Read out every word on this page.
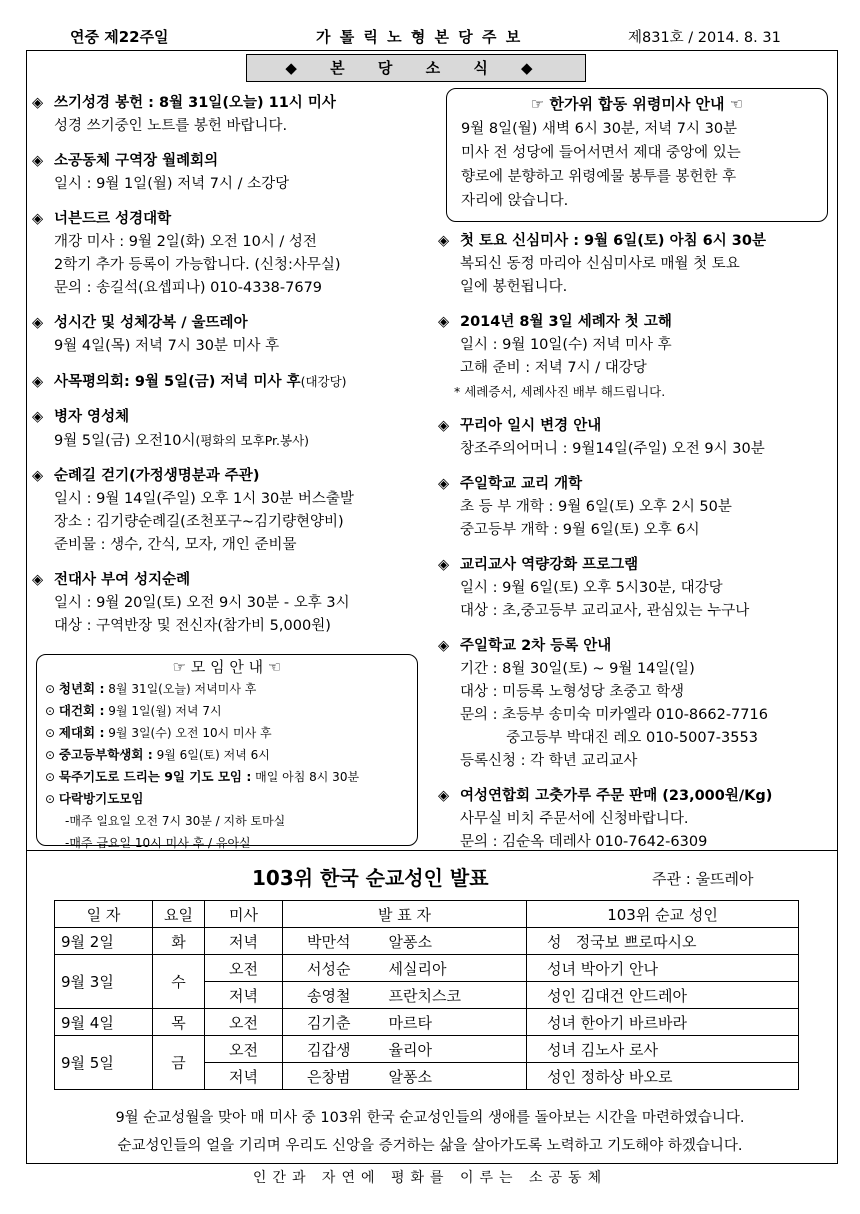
연중 제22주일	가 톨 릭 노 형 본 당 주 보	제831호 / 2014. 8. 31
◆ 본 당 소 식 ◆
◈ 쓰기성경 봉헌 : 8월 31일(오늘) 11시 미사
성경 쓰기중인 노트를 봉헌 바랍니다.
◈ 소공동체 구역장 월례회의
일시 : 9월 1일(월) 저녁 7시 / 소강당
◈ 너븐드르 성경대학
개강 미사 : 9월 2일(화) 오전 10시 / 성전
2학기 추가 등록이 가능합니다. (신청:사무실)
문의 : 송길석(요셉피나) 010-4338-7679
◈ 성시간 및 성체강복 / 울뜨레아
9월 4일(목) 저녁 7시 30분 미사 후
◈ 사목평의회: 9월 5일(금) 저녁 미사 후(대강당)
◈ 병자 영성체
9월 5일(금) 오전10시(평화의 모후Pr.봉사)
◈ 순례길 걷기(가정생명분과 주관)
일시 : 9월 14일(주일) 오후 1시 30분 버스출발
장소 : 김기량순례길(조천포구~김기량현양비)
준비물 : 생수, 간식, 모자, 개인 준비물
◈ 전대사 부여 성지순례
일시 : 9월 20일(토) 오전 9시 30분 - 오후 3시
대상 : 구역반장 및 전신자(참가비 5,000원)
☞ 모 임 안 내 ☜
⊙ 청년회 : 8월 31일(오늘) 저녁미사 후
⊙ 대건회 : 9월 1일(월) 저녁 7시
⊙ 제대회 : 9월 3일(수) 오전 10시 미사 후
⊙ 중고등부학생회 : 9월 6일(토) 저녁 6시
⊙ 묵주기도로 드리는 9일 기도 모임 : 매일 아침 8시 30분
⊙ 다락방기도모임
-매주 일요일 오전 7시 30분 / 지하 토마실
-매주 금요일 10시 미사 후 / 유아실
☞ 한가위 합동 위령미사 안내 ☜
9월 8일(월) 새벽 6시 30분, 저녁 7시 30분
미사 전 성당에 들어서면서 제대 중앙에 있는
향로에 분향하고 위령예물 봉투를 봉헌한 후
자리에 앉습니다.
◈ 첫 토요 신심미사 : 9월 6일(토) 아침 6시 30분
복되신 동정 마리아 신심미사로 매월 첫 토요
일에 봉헌됩니다.
◈ 2014년 8월 3일 세례자 첫 고해
일시 : 9월 10일(수) 저녁 미사 후
고해 준비 : 저녁 7시 / 대강당
* 세례증서, 세례사진 배부 해드립니다.
◈ 꾸리아 일시 변경 안내
창조주의어머니 : 9월14일(주일) 오전 9시 30분
◈ 주일학교 교리 개학
초 등 부 개학 : 9월 6일(토) 오후 2시 50분
중고등부 개학 : 9월 6일(토) 오후 6시
◈ 교리교사 역량강화 프로그램
일시 : 9월 6일(토) 오후 5시30분, 대강당
대상 : 초,중고등부 교리교사, 관심있는 누구나
◈ 주일학교 2차 등록 안내
기간 : 8월 30일(토) ~ 9월 14일(일)
대상 : 미등록 노형성당 초중고 학생
문의 : 초등부 송미숙 미카엘라 010-8662-7716
중고등부 박대진 레오 010-5007-3553
등록신청 : 각 학년 교리교사
◈ 여성연합회 고춧가루 주문 판매 (23,000원/Kg)
사무실 비치 주문서에 신청바랍니다.
문의 : 김순옥 데레사 010-7642-6309
103위 한국 순교성인 발표	주관 : 울뜨레아
일 자	요일	미사	발 표 자		103위 순교 성인
9월 2일	화	저녁	박만석	알퐁소	성   정국보 쁘로따시오
9월 3일	수	오전	서성순	세실리아	성녀 박아기 안나
		저녁	송영철	프란치스코	성인 김대건 안드레아
9월 4일	목	오전	김기춘	마르타	성녀 한아기 바르바라
9월 5일	금	오전	김갑생	율리아	성녀 김노사 로사
		저녁	은창범	알퐁소	성인 정하상 바오로
9월 순교성월을 맞아 매 미사 중 103위 한국 순교성인들의 생애를 돌아보는 시간을 마련하였습니다.
순교성인들의 얼을 기리며 우리도 신앙을 증거하는 삶을 살아가도록 노력하고 기도해야 하겠습니다.
인간과 자연에 평화를 이루는 소공동체
